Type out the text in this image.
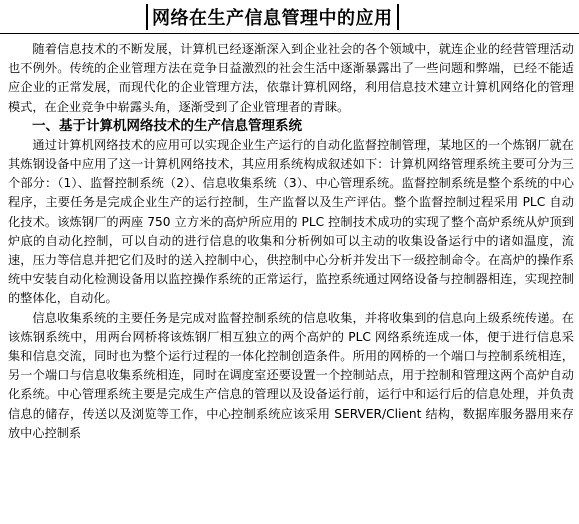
网络在生产信息管理中的应用

随着信息技术的不断发展，计算机已经逐渐深入到企业社会的各个领域中，就连企业的经营管理活动也不例外。传统的企业管理方法在竞争日益激烈的社会生活中逐渐暴露出了一些问题和弊端，已经不能适应企业的正常发展，而现代化的企业管理方法，依靠计算机网络，利用信息技术建立计算机网络化的管理模式，在企业竞争中崭露头角，逐渐受到了企业管理者的青睐。

一、基于计算机网络技术的生产信息管理系统

通过计算机网络技术的应用可以实现企业生产运行的自动化监督控制管理，某地区的一个炼钢厂就在其炼钢设备中应用了这一计算机网络技术，其应用系统构成叙述如下：计算机网络管理系统主要可分为三个部分：（1）、监督控制系统（2）、信息收集系统（3）、中心管理系统。监督控制系统是整个系统的中心程序，主要任务是完成企业生产的运行控制，生产监督以及生产评估。整个监督控制过程采用 PLC 自动化技术。该炼钢厂的两座 750 立方米的高炉所应用的 PLC 控制技术成功的实现了整个高炉系统从炉顶到炉底的自动化控制，可以自动的进行信息的收集和分析例如可以主动的收集设备运行中的诸如温度，流速，压力等信息并把它们及时的送入控制中心，供控制中心分析并发出下一级控制命令。在高炉的操作系统中安装自动化检测设备用以监控操作系统的正常运行，监控系统通过网络设备与控制器相连，实现控制的整体化，自动化。

信息收集系统的主要任务是完成对监督控制系统的信息收集，并将收集到的信息向上级系统传递。在该炼钢系统中，用两台网桥将该炼钢厂相互独立的两个高炉的 PLC 网络系统连成一体，便于进行信息采集和信息交流，同时也为整个运行过程的一体化控制创造条件。所用的网桥的一个端口与控制系统相连，另一个端口与信息收集系统相连，同时在调度室还要设置一个控制站点，用于控制和管理这两个高炉自动化系统。中心管理系统主要是完成生产信息的管理以及设备运行前，运行中和运行后的信息处理，并负责信息的储存，传送以及浏览等工作，中心控制系统应该采用 SERVER/Client 结构，数据库服务器用来存放中心控制系
